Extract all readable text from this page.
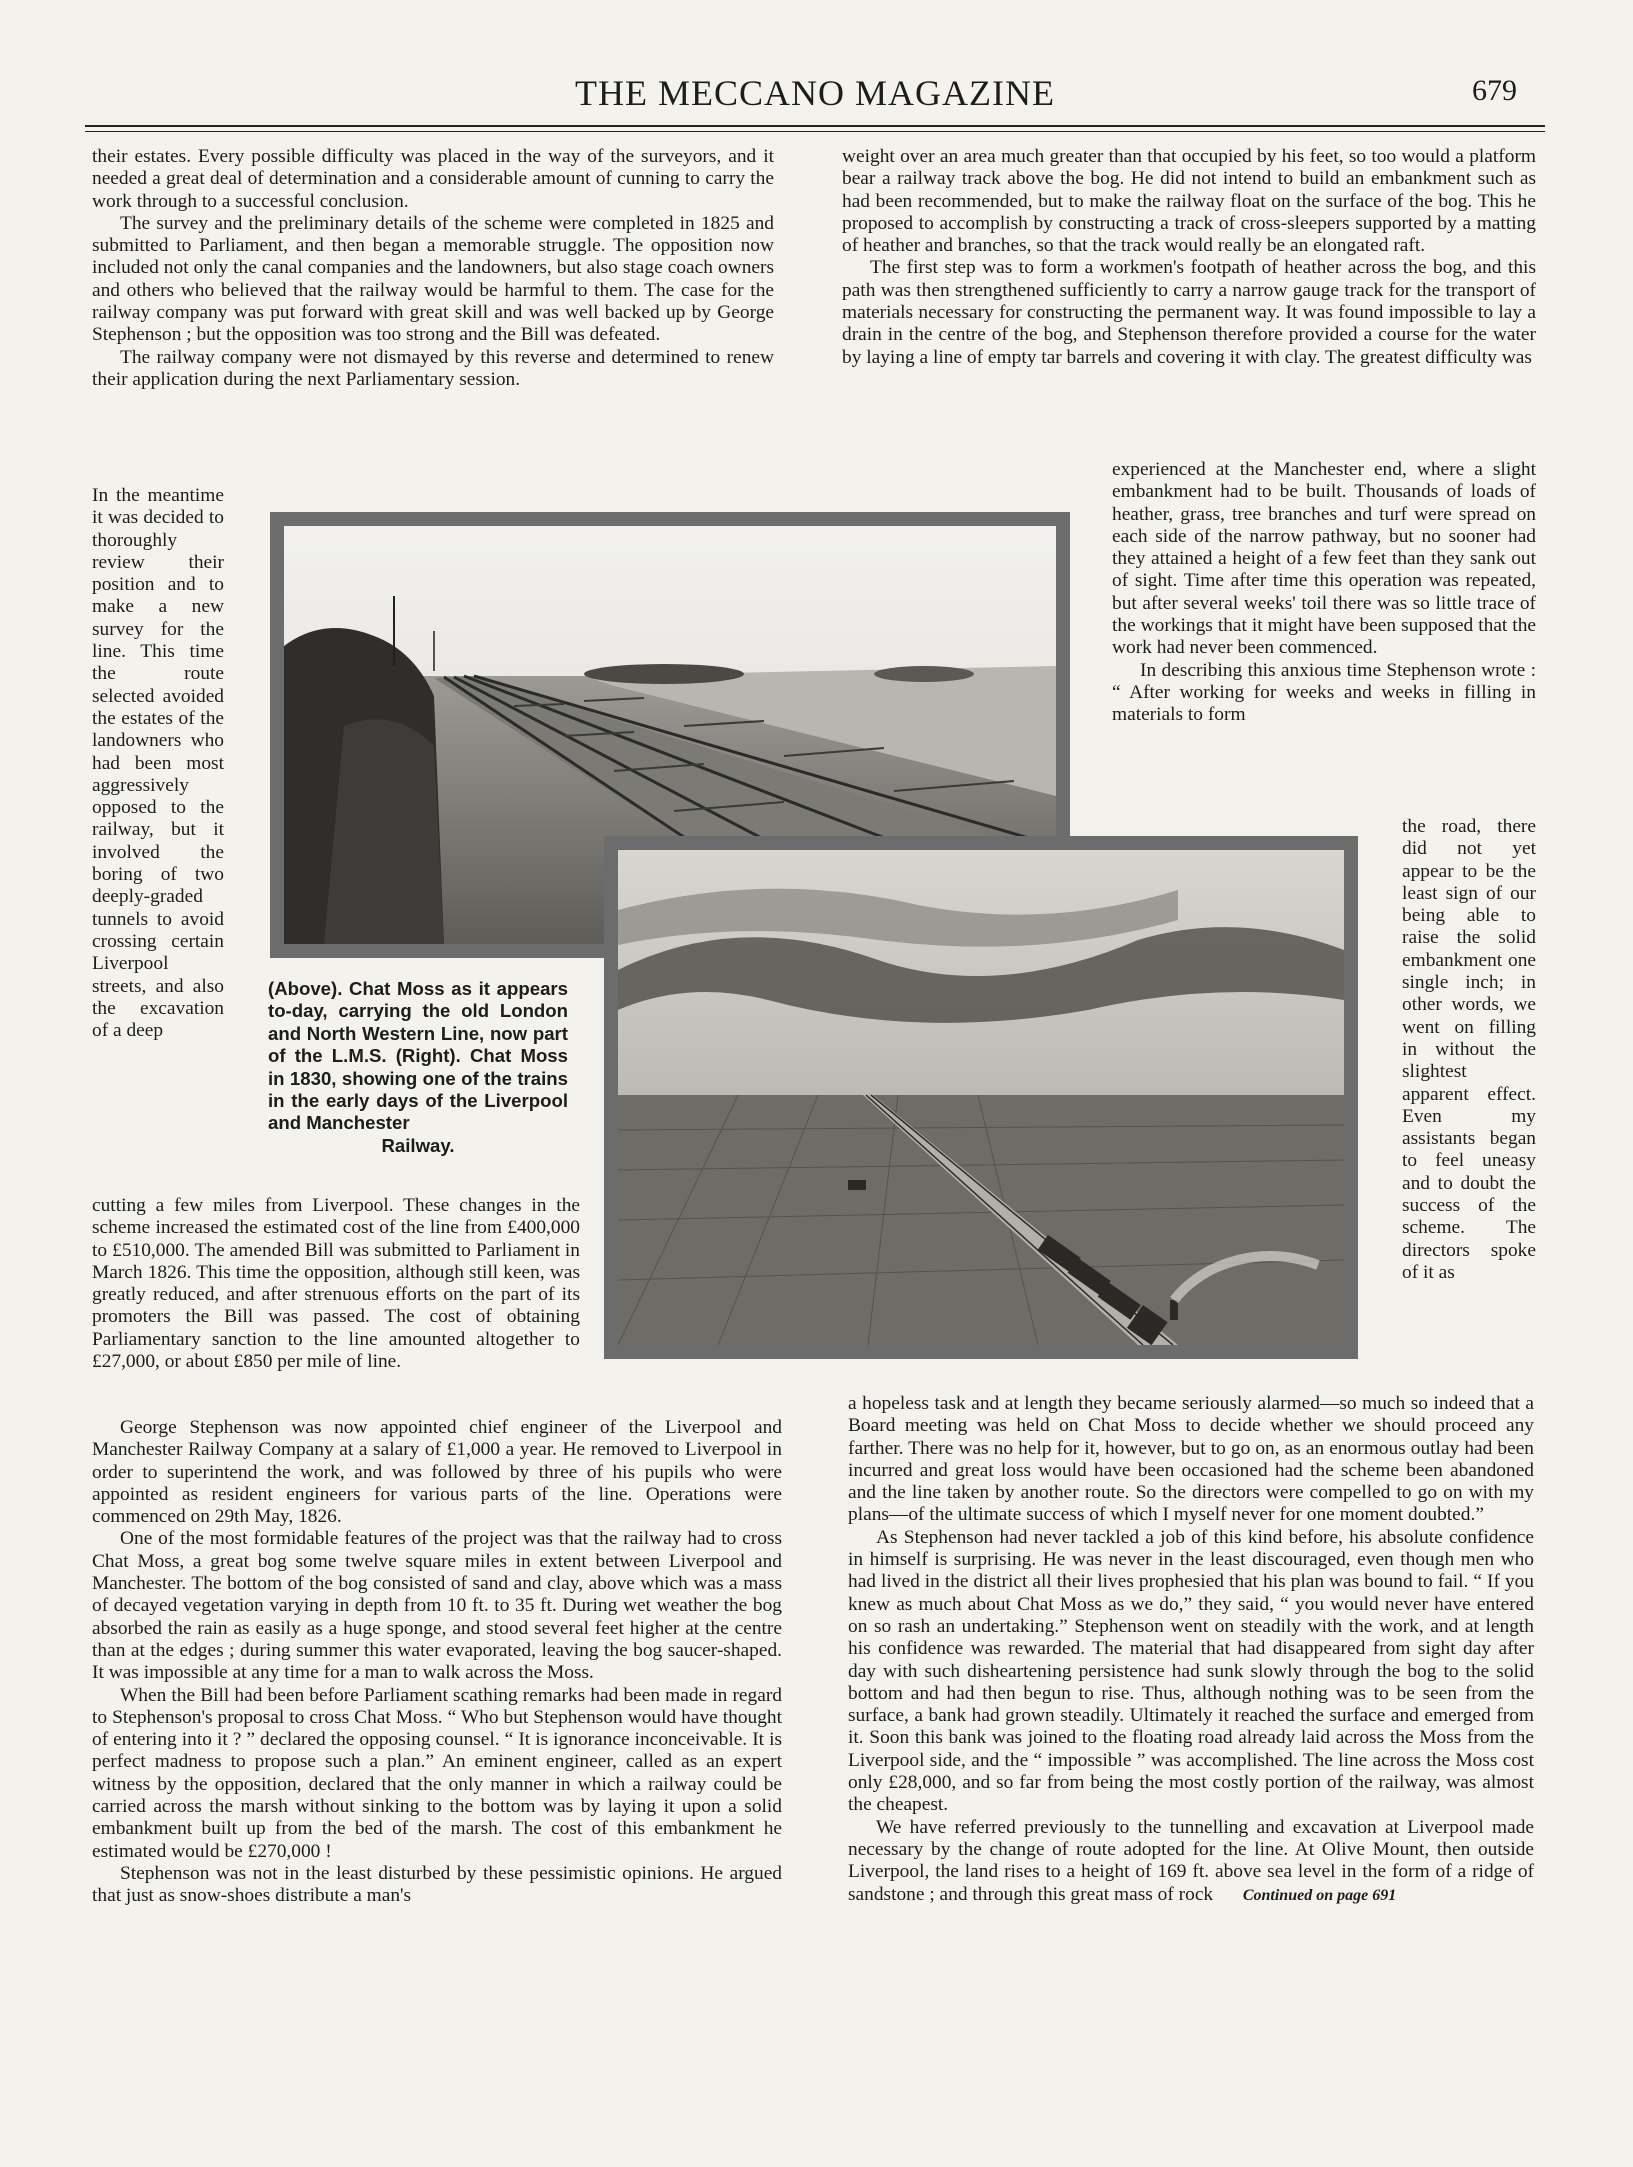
THE MECCANO MAGAZINE	679

their estates. Every possible difficulty was placed in the way of the surveyors, and it needed a great deal of determination and a considerable amount of cunning to carry the work through to a successful conclusion.

The survey and the preliminary details of the scheme were completed in 1825 and submitted to Parliament, and then began a memorable struggle. The opposition now included not only the canal companies and the landowners, but also stage coach owners and others who believed that the railway would be harmful to them. The case for the railway company was put forward with great skill and was well backed up by George Stephenson ; but the opposition was too strong and the Bill was defeated.

The railway company were not dismayed by this reverse and determined to renew their application during the next Parliamentary session.

In the meantime it was decided to thoroughly review their position and to make a new survey for the line. This time the route selected avoided the estates of the landowners who had been most aggressively opposed to the railway, but it involved the boring of two deeply-graded tunnels to avoid crossing certain Liverpool streets, and also the excavation of a deep

weight over an area much greater than that occupied by his feet, so too would a platform bear a railway track above the bog. He did not intend to build an embankment such as had been recommended, but to make the railway float on the surface of the bog. This he proposed to accomplish by constructing a track of cross-sleepers supported by a matting of heather and branches, so that the track would really be an elongated raft.

The first step was to form a workmen's footpath of heather across the bog, and this path was then strengthened sufficiently to carry a narrow gauge track for the transport of materials necessary for constructing the permanent way. It was found impossible to lay a drain in the centre of the bog, and Stephenson therefore provided a course for the water by laying a line of empty tar barrels and covering it with clay. The greatest difficulty was

experienced at the Manchester end, where a slight embankment had to be built. Thousands of loads of heather, grass, tree branches and turf were spread on each side of the narrow pathway, but no sooner had they attained a height of a few feet than they sank out of sight. Time after time this operation was repeated, but after several weeks' toil there was so little trace of the workings that it might have been supposed that the work had never been commenced.

In describing this anxious time Stephenson wrote : “ After working for weeks and weeks in filling in materials to form

the road, there did not yet appear to be the least sign of our being able to raise the solid embankment one single inch; in other words, we went on filling in without the slightest apparent effect. Even my assistants began to feel uneasy and to doubt the success of the scheme. The directors spoke of it as

(Above). Chat Moss as it appears to-day, carrying the old London and North Western Line, now part of the L.M.S. (Right). Chat Moss in 1830, showing one of the trains in the early days of the Liverpool and Manchester
Railway.

cutting a few miles from Liverpool. These changes in the scheme increased the estimated cost of the line from £400,000 to £510,000. The amended Bill was submitted to Parliament in March 1826. This time the opposition, although still keen, was greatly reduced, and after strenuous efforts on the part of its promoters the Bill was passed. The cost of obtaining Parliamentary sanction to the line amounted altogether to £27,000, or about £850 per mile of line.

George Stephenson was now appointed chief engineer of the Liverpool and Manchester Railway Company at a salary of £1,000 a year. He removed to Liverpool in order to superintend the work, and was followed by three of his pupils who were appointed as resident engineers for various parts of the line. Operations were commenced on 29th May, 1826.

One of the most formidable features of the project was that the railway had to cross Chat Moss, a great bog some twelve square miles in extent between Liverpool and Manchester. The bottom of the bog consisted of sand and clay, above which was a mass of decayed vegetation varying in depth from 10 ft. to 35 ft. During wet weather the bog absorbed the rain as easily as a huge sponge, and stood several feet higher at the centre than at the edges ; during summer this water evaporated, leaving the bog saucer-shaped. It was impossible at any time for a man to walk across the Moss.

When the Bill had been before Parliament scathing remarks had been made in regard to Stephenson's proposal to cross Chat Moss. “ Who but Stephenson would have thought of entering into it ? ” declared the opposing counsel. “ It is ignorance inconceivable. It is perfect madness to propose such a plan.” An eminent engineer, called as an expert witness by the opposition, declared that the only manner in which a railway could be carried across the marsh without sinking to the bottom was by laying it upon a solid embankment built up from the bed of the marsh. The cost of this embankment he estimated would be £270,000 !

Stephenson was not in the least disturbed by these pessimistic opinions. He argued that just as snow-shoes distribute a man's

a hopeless task and at length they became seriously alarmed—so much so indeed that a Board meeting was held on Chat Moss to decide whether we should proceed any farther. There was no help for it, however, but to go on, as an enormous outlay had been incurred and great loss would have been occasioned had the scheme been abandoned and the line taken by another route. So the directors were compelled to go on with my plans—of the ultimate success of which I myself never for one moment doubted.”

As Stephenson had never tackled a job of this kind before, his absolute confidence in himself is surprising. He was never in the least discouraged, even though men who had lived in the district all their lives prophesied that his plan was bound to fail. “ If you knew as much about Chat Moss as we do,” they said, “ you would never have entered on so rash an undertaking.” Stephenson went on steadily with the work, and at length his confidence was rewarded. The material that had disappeared from sight day after day with such disheartening persistence had sunk slowly through the bog to the solid bottom and had then begun to rise. Thus, although nothing was to be seen from the surface, a bank had grown steadily. Ultimately it reached the surface and emerged from it. Soon this bank was joined to the floating road already laid across the Moss from the Liverpool side, and the “ impossible ” was accomplished. The line across the Moss cost only £28,000, and so far from being the most costly portion of the railway, was almost the cheapest.

We have referred previously to the tunnelling and excavation at Liverpool made necessary by the change of route adopted for the line. At Olive Mount, then outside Liverpool, the land rises to a height of 169 ft. above sea level in the form of a ridge of sandstone ; and through this great mass of rock Continued on page 691
